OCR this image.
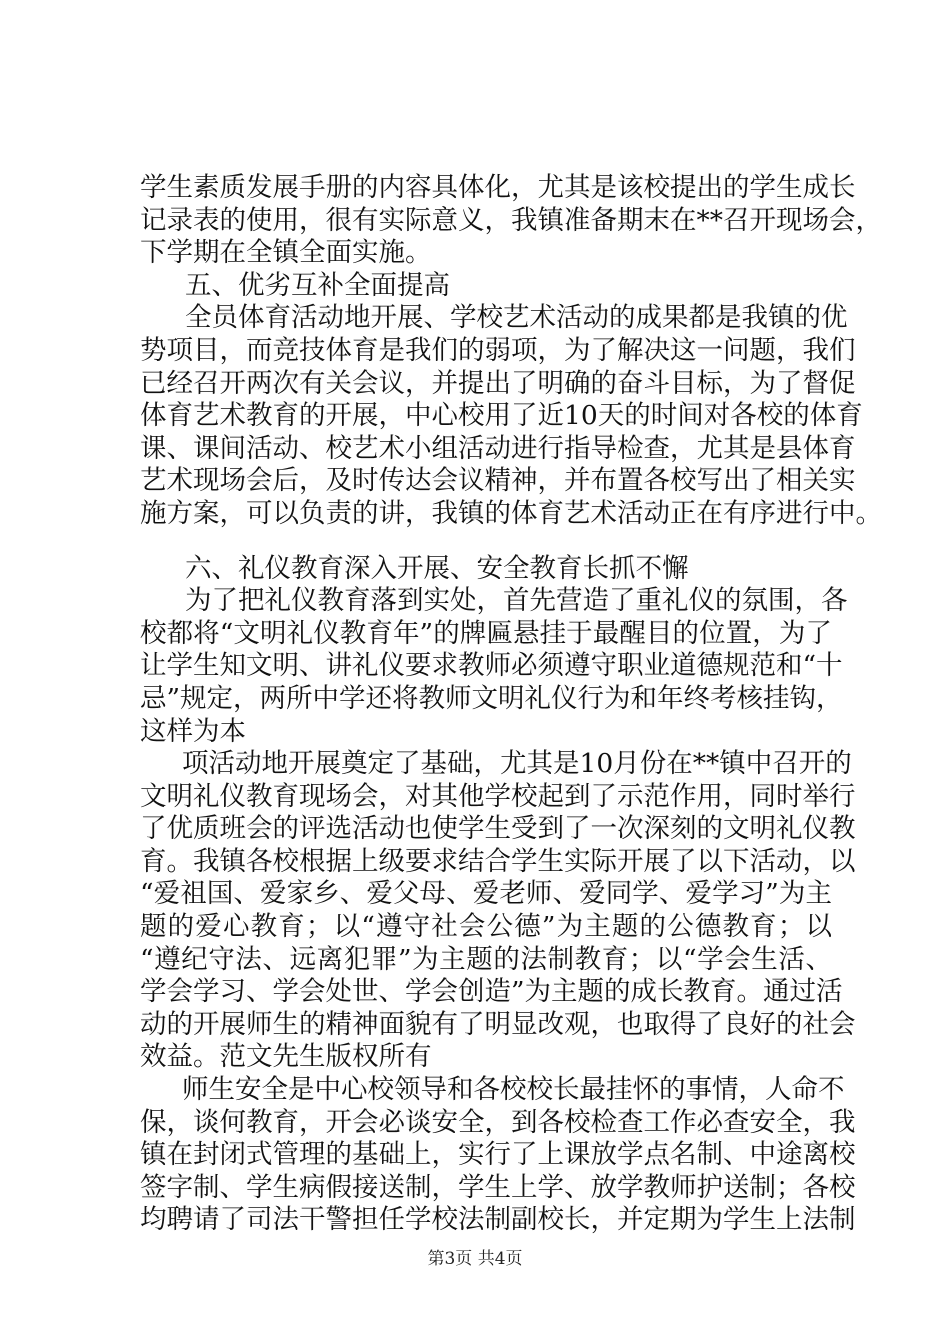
学生素质发展手册的内容具体化，尤其是该校提出的学生成长
记录表的使用，很有实际意义，我镇准备期末在**召开现场会，
下学期在全镇全面实施。
五、优劣互补全面提高
全员体育活动地开展、学校艺术活动的成果都是我镇的优
势项目，而竞技体育是我们的弱项，为了解决这一问题，我们
已经召开两次有关会议，并提出了明确的奋斗目标，为了督促
体育艺术教育的开展，中心校用了近10天的时间对各校的体育
课、课间活动、校艺术小组活动进行指导检查，尤其是县体育
艺术现场会后，及时传达会议精神，并布置各校写出了相关实
施方案，可以负责的讲，我镇的体育艺术活动正在有序进行中。
六、礼仪教育深入开展、安全教育长抓不懈
为了把礼仪教育落到实处，首先营造了重礼仪的氛围，各
校都将“文明礼仪教育年”的牌匾悬挂于最醒目的位置，为了
让学生知文明、讲礼仪要求教师必须遵守职业道德规范和“十
忌”规定，两所中学还将教师文明礼仪行为和年终考核挂钩，
这样为本
项活动地开展奠定了基础，尤其是10月份在**镇中召开的
文明礼仪教育现场会，对其他学校起到了示范作用，同时举行
了优质班会的评选活动也使学生受到了一次深刻的文明礼仪教
育。我镇各校根据上级要求结合学生实际开展了以下活动，以
“爱祖国、爱家乡、爱父母、爱老师、爱同学、爱学习”为主
题的爱心教育；以“遵守社会公德”为主题的公德教育；以
“遵纪守法、远离犯罪”为主题的法制教育；以“学会生活、
学会学习、学会处世、学会创造”为主题的成长教育。通过活
动的开展师生的精神面貌有了明显改观，也取得了良好的社会
效益。范文先生版权所有
师生安全是中心校领导和各校校长最挂怀的事情，人命不
保，谈何教育，开会必谈安全，到各校检查工作必查安全，我
镇在封闭式管理的基础上，实行了上课放学点名制、中途离校
签字制、学生病假接送制，学生上学、放学教师护送制；各校
均聘请了司法干警担任学校法制副校长，并定期为学生上法制
第3页 共4页
